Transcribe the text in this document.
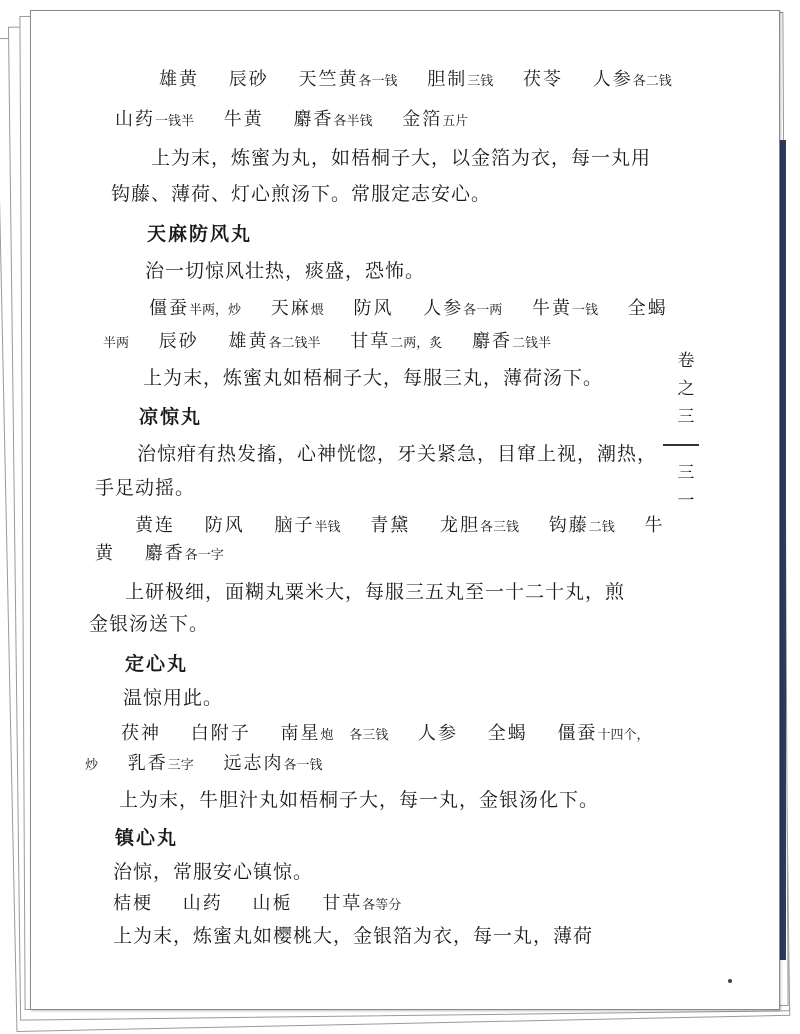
雄黄 辰砂 天竺黄各一钱 胆制三钱 茯苓 人参各二钱
山药一钱半 牛黄 麝香各半钱 金箔五片
上为末，炼蜜为丸，如梧桐子大，以金箔为衣，每一丸用
钩藤、薄荷、灯心煎汤下。常服定志安心。
天麻防风丸
治一切惊风壮热，痰盛，恐怖。
僵蚕半两，炒 天麻煨 防风 人参各一两 牛黄一钱 全蝎
半两 辰砂 雄黄各二钱半 甘草二两，炙 麝香二钱半
上为末，炼蜜丸如梧桐子大，每服三丸，薄荷汤下。
凉惊丸
治惊疳有热发搐，心神恍惚，牙关紧急，目窜上视，潮热，
手足动摇。
黄连 防风 脑子半钱 青黛 龙胆各三钱 钩藤二钱 牛
黄 麝香各一字
上研极细，面糊丸粟米大，每服三五丸至一十二十丸，煎
金银汤送下。
定心丸
温惊用此。
茯神 白附子 南星炮 各三钱 人参 全蝎 僵蚕十四个，
炒 乳香三字 远志肉各一钱
上为末，牛胆汁丸如梧桐子大，每一丸，金银汤化下。
镇心丸
治惊，常服安心镇惊。
桔梗 山药 山栀 甘草各等分
上为末，炼蜜丸如樱桃大，金银箔为衣，每一丸，薄荷
卷之三
三一
